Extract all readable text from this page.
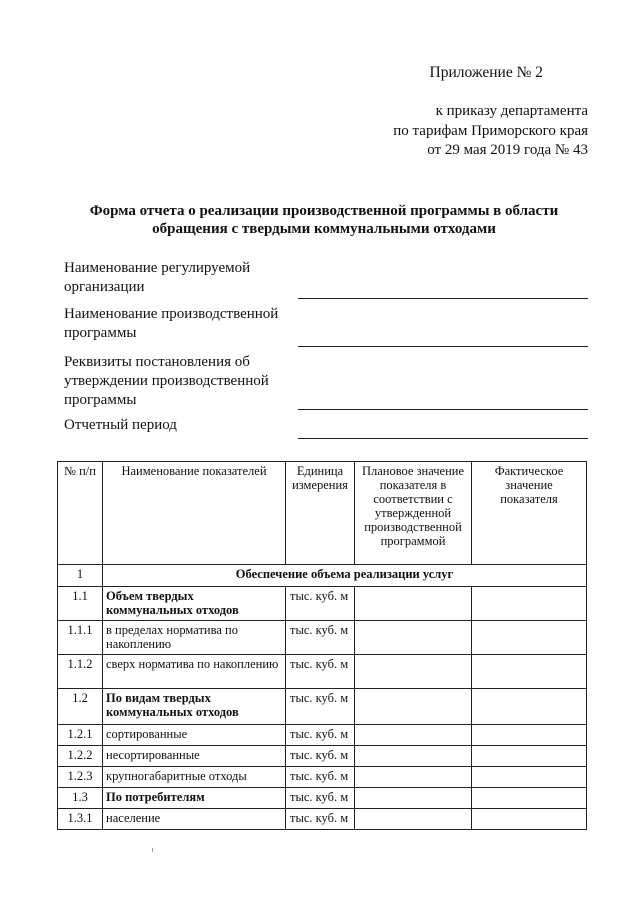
Приложение № 2
к приказу департамента
по тарифам Приморского края
от 29 мая 2019 года № 43
Форма отчета о реализации производственной программы в области
обращения с твердыми коммунальными отходами
Наименование регулируемой организации
Наименование производственной программы
Реквизиты постановления об утверждении производственной программы
Отчетный период
№ п/п	Наименование показателей	Единица измерения	Плановое значение показателя в соответствии с утвержденной производственной программой	Фактическое значение показателя
1	Обеспечение объема реализации услуг			
1.1	Объем твердых коммунальных отходов	тыс. куб. м		
1.1.1	в пределах норматива по накоплению	тыс. куб. м		
1.1.2	сверх норматива по накоплению	тыс. куб. м		
1.2	По видам твердых коммунальных отходов	тыс. куб. м		
1.2.1	сортированные	тыс. куб. м		
1.2.2	несортированные	тыс. куб. м		
1.2.3	крупногабаритные отходы	тыс. куб. м		
1.3	По потребителям	тыс. куб. м		
1.3.1	население	тыс. куб. м		
